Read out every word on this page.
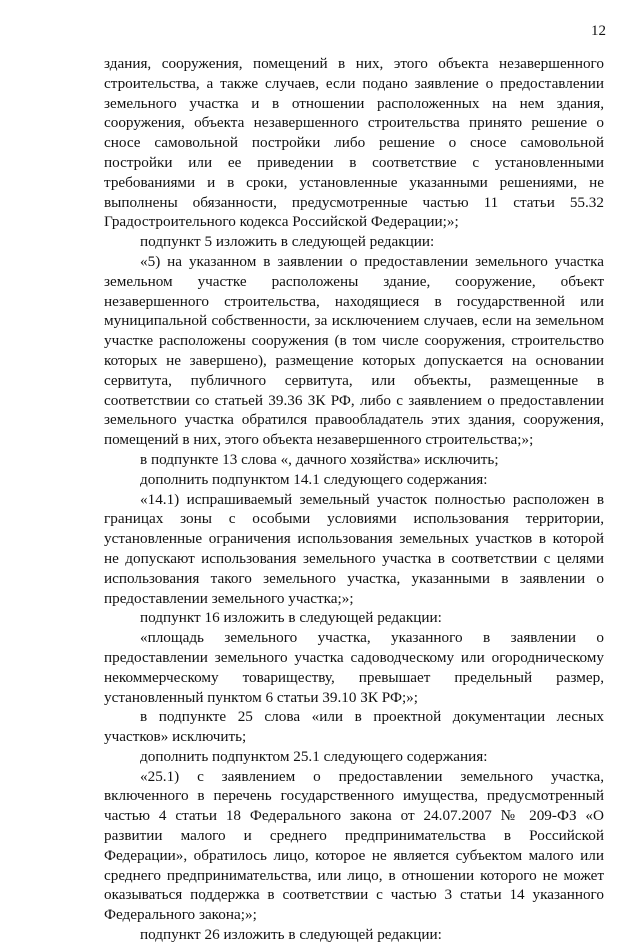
12

здания, сооружения, помещений в них, этого объекта незавершенного строительства, а также случаев, если подано заявление о предоставлении земельного участка и в отношении расположенных на нем здания, сооружения, объекта незавершенного строительства принято решение о сносе самовольной постройки либо решение о сносе самовольной постройки или ее приведении в соответствие с установленными требованиями и в сроки, установленные указанными решениями, не выполнены обязанности, предусмотренные частью 11 статьи 55.32 Градостроительного кодекса Российской Федерации;»;

подпункт 5 изложить в следующей редакции:

«5) на указанном в заявлении о предоставлении земельного участка земельном участке расположены здание, сооружение, объект незавершенного строительства, находящиеся в государственной или муниципальной собственности, за исключением случаев, если на земельном участке расположены сооружения (в том числе сооружения, строительство которых не завершено), размещение которых допускается на основании сервитута, публичного сервитута, или объекты, размещенные в соответствии со статьей 39.36 ЗК РФ, либо с заявлением о предоставлении земельного участка обратился правообладатель этих здания, сооружения, помещений в них, этого объекта незавершенного строительства;»;

в подпункте 13 слова «, дачного хозяйства» исключить;

дополнить подпунктом 14.1 следующего содержания:

«14.1) испрашиваемый земельный участок полностью расположен в границах зоны с особыми условиями использования территории, установленные ограничения использования земельных участков в которой не допускают использования земельного участка в соответствии с целями использования такого земельного участка, указанными в заявлении о предоставлении земельного участка;»;

подпункт 16 изложить в следующей редакции:

«площадь земельного участка, указанного в заявлении о предоставлении земельного участка садоводческому или огородническому некоммерческому товариществу, превышает предельный размер, установленный пунктом 6 статьи 39.10 ЗК РФ;»;

в подпункте 25 слова «или в проектной документации лесных участков» исключить;

дополнить подпунктом 25.1 следующего содержания:

«25.1) с заявлением о предоставлении земельного участка, включенного в перечень государственного имущества, предусмотренный частью 4 статьи 18 Федерального закона от 24.07.2007 № 209-ФЗ «О развитии малого и среднего предпринимательства в Российской Федерации», обратилось лицо, которое не является субъектом малого или среднего предпринимательства, или лицо, в отношении которого не может оказываться поддержка в соответствии с частью 3 статьи 14 указанного Федерального закона;»;

подпункт 26 изложить в следующей редакции:
